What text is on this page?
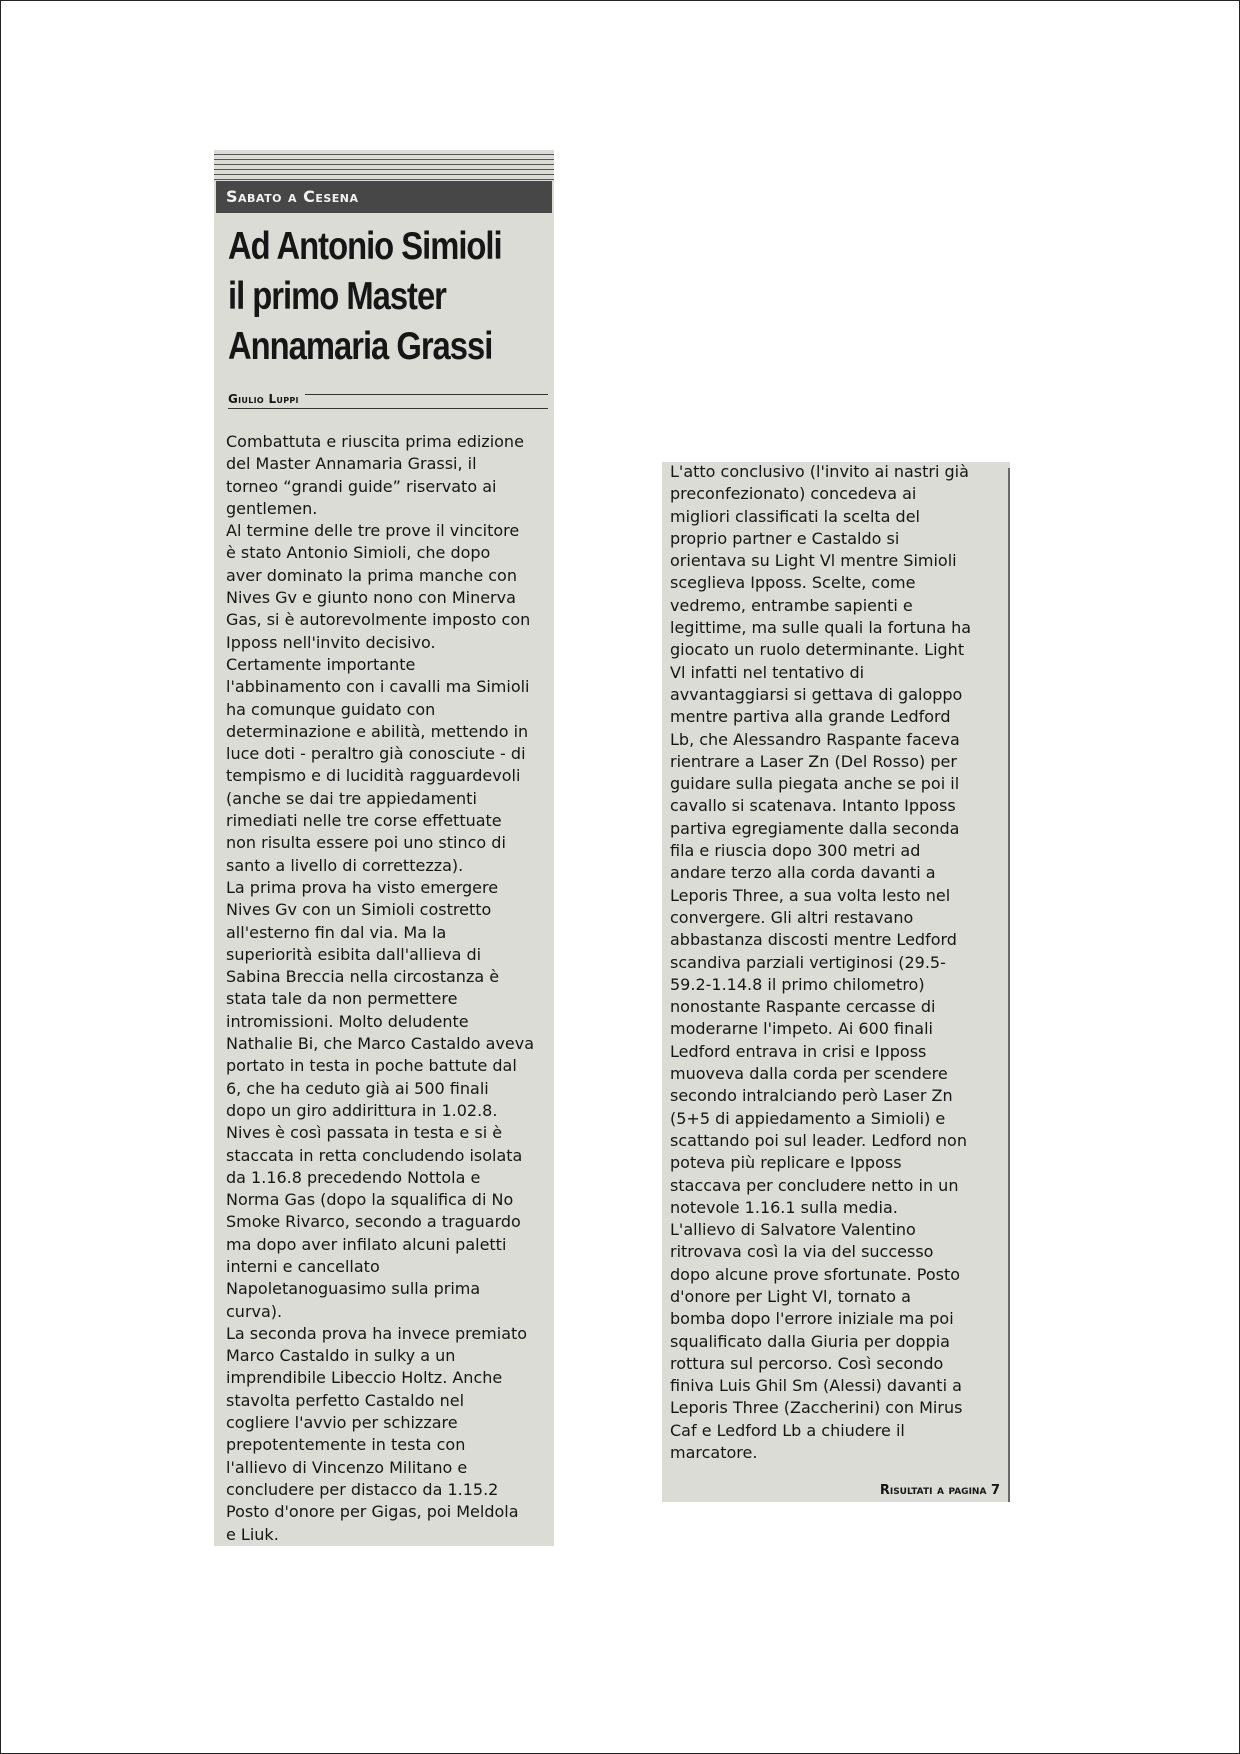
Sabato a Cesena
Ad Antonio Simioli
il primo Master
Annamaria Grassi
Giulio Luppi

Combattuta e riuscita prima edizione
del Master Annamaria Grassi, il
torneo “grandi guide” riservato ai
gentlemen.
Al termine delle tre prove il vincitore
è stato Antonio Simioli, che dopo
aver dominato la prima manche con
Nives Gv e giunto nono con Minerva
Gas, si è autorevolmente imposto con
Ipposs nell'invito decisivo.
Certamente importante
l'abbinamento con i cavalli ma Simioli
ha comunque guidato con
determinazione e abilità, mettendo in
luce doti - peraltro già conosciute - di
tempismo e di lucidità ragguardevoli
(anche se dai tre appiedamenti
rimediati nelle tre corse effettuate
non risulta essere poi uno stinco di
santo a livello di correttezza).
La prima prova ha visto emergere
Nives Gv con un Simioli costretto
all'esterno fin dal via. Ma la
superiorità esibita dall'allieva di
Sabina Breccia nella circostanza è
stata tale da non permettere
intromissioni. Molto deludente
Nathalie Bi, che Marco Castaldo aveva
portato in testa in poche battute dal
6, che ha ceduto già ai 500 finali
dopo un giro addirittura in 1.02.8.
Nives è così passata in testa e si è
staccata in retta concludendo isolata
da 1.16.8 precedendo Nottola e
Norma Gas (dopo la squalifica di No
Smoke Rivarco, secondo a traguardo
ma dopo aver infilato alcuni paletti
interni e cancellato
Napoletanoguasimo sulla prima
curva).
La seconda prova ha invece premiato
Marco Castaldo in sulky a un
imprendibile Libeccio Holtz. Anche
stavolta perfetto Castaldo nel
cogliere l'avvio per schizzare
prepotentemente in testa con
l'allievo di Vincenzo Militano e
concludere per distacco da 1.15.2
Posto d'onore per Gigas, poi Meldola
e Liuk.

L'atto conclusivo (l'invito ai nastri già
preconfezionato) concedeva ai
migliori classificati la scelta del
proprio partner e Castaldo si
orientava su Light Vl mentre Simioli
sceglieva Ipposs. Scelte, come
vedremo, entrambe sapienti e
legittime, ma sulle quali la fortuna ha
giocato un ruolo determinante. Light
Vl infatti nel tentativo di
avvantaggiarsi si gettava di galoppo
mentre partiva alla grande Ledford
Lb, che Alessandro Raspante faceva
rientrare a Laser Zn (Del Rosso) per
guidare sulla piegata anche se poi il
cavallo si scatenava. Intanto Ipposs
partiva egregiamente dalla seconda
fila e riuscia dopo 300 metri ad
andare terzo alla corda davanti a
Leporis Three, a sua volta lesto nel
convergere. Gli altri restavano
abbastanza discosti mentre Ledford
scandiva parziali vertiginosi (29.5-
59.2-1.14.8 il primo chilometro)
nonostante Raspante cercasse di
moderarne l'impeto. Ai 600 finali
Ledford entrava in crisi e Ipposs
muoveva dalla corda per scendere
secondo intralciando però Laser Zn
(5+5 di appiedamento a Simioli) e
scattando poi sul leader. Ledford non
poteva più replicare e Ipposs
staccava per concludere netto in un
notevole 1.16.1 sulla media.
L'allievo di Salvatore Valentino
ritrovava così la via del successo
dopo alcune prove sfortunate. Posto
d'onore per Light Vl, tornato a
bomba dopo l'errore iniziale ma poi
squalificato dalla Giuria per doppia
rottura sul percorso. Così secondo
finiva Luis Ghil Sm (Alessi) davanti a
Leporis Three (Zaccherini) con Mirus
Caf e Ledford Lb a chiudere il
marcatore.

Risultati a pagina 7
